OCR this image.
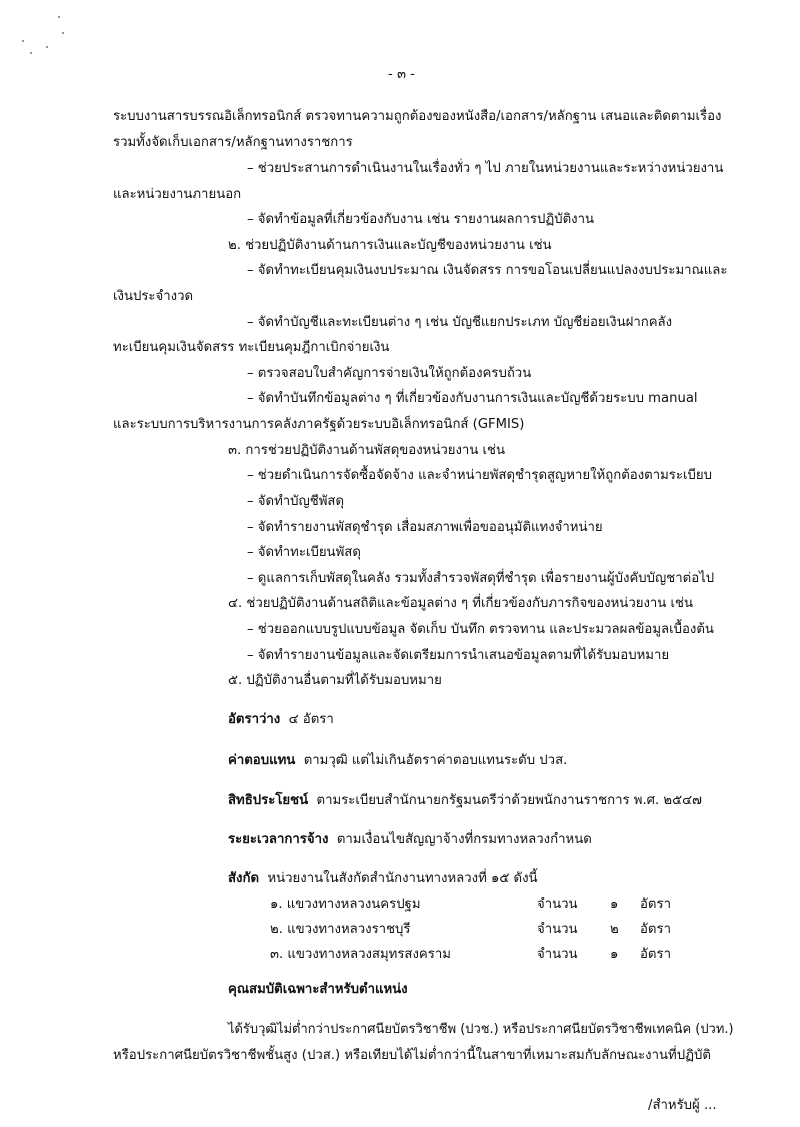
- ๓ -
ระบบงานสารบรรณอิเล็กทรอนิกส์ ตรวจทานความถูกต้องของหนังสือ/เอกสาร/หลักฐาน เสนอและติดตามเรื่อง
รวมทั้งจัดเก็บเอกสาร/หลักฐานทางราชการ
– ช่วยประสานการดำเนินงานในเรื่องทั่ว ๆ ไป ภายในหน่วยงานและระหว่างหน่วยงาน
และหน่วยงานภายนอก
– จัดทำข้อมูลที่เกี่ยวข้องกับงาน เช่น รายงานผลการปฏิบัติงาน
๒. ช่วยปฏิบัติงานด้านการเงินและบัญชีของหน่วยงาน เช่น
– จัดทำทะเบียนคุมเงินงบประมาณ เงินจัดสรร การขอโอนเปลี่ยนแปลงงบประมาณและ
เงินประจำงวด
– จัดทำบัญชีและทะเบียนต่าง ๆ เช่น บัญชีแยกประเภท บัญชีย่อยเงินฝากคลัง
ทะเบียนคุมเงินจัดสรร ทะเบียนคุมฎีกาเบิกจ่ายเงิน
– ตรวจสอบใบสำคัญการจ่ายเงินให้ถูกต้องครบถ้วน
– จัดทำบันทึกข้อมูลต่าง ๆ ที่เกี่ยวข้องกับงานการเงินและบัญชีด้วยระบบ manual
และระบบการบริหารงานการคลังภาครัฐด้วยระบบอิเล็กทรอนิกส์ (GFMIS)
๓. การช่วยปฏิบัติงานด้านพัสดุของหน่วยงาน เช่น
– ช่วยดำเนินการจัดซื้อจัดจ้าง และจำหน่ายพัสดุชำรุดสูญหายให้ถูกต้องตามระเบียบ
– จัดทำบัญชีพัสดุ
– จัดทำรายงานพัสดุชำรุด เสื่อมสภาพเพื่อขออนุมัติแทงจำหน่าย
– จัดทำทะเบียนพัสดุ
– ดูแลการเก็บพัสดุในคลัง รวมทั้งสำรวจพัสดุที่ชำรุด เพื่อรายงานผู้บังคับบัญชาต่อไป
๔. ช่วยปฏิบัติงานด้านสถิติและข้อมูลต่าง ๆ ที่เกี่ยวข้องกับภารกิจของหน่วยงาน เช่น
– ช่วยออกแบบรูปแบบข้อมูล จัดเก็บ บันทึก ตรวจทาน และประมวลผลข้อมูลเบื้องต้น
– จัดทำรายงานข้อมูลและจัดเตรียมการนำเสนอข้อมูลตามที่ได้รับมอบหมาย
๕. ปฏิบัติงานอื่นตามที่ได้รับมอบหมาย
อัตราว่าง ๔ อัตรา
ค่าตอบแทน ตามวุฒิ แต่ไม่เกินอัตราค่าตอบแทนระดับ ปวส.
สิทธิประโยชน์ ตามระเบียบสำนักนายกรัฐมนตรีว่าด้วยพนักงานราชการ พ.ศ. ๒๕๔๗
ระยะเวลาการจ้าง ตามเงื่อนไขสัญญาจ้างที่กรมทางหลวงกำหนด
สังกัด หน่วยงานในสังกัดสำนักงานทางหลวงที่ ๑๕ ดังนี้
๑. แขวงทางหลวงนครปฐม	จำนวน ๑ อัตรา
๒. แขวงทางหลวงราชบุรี	จำนวน ๒ อัตรา
๓. แขวงทางหลวงสมุทรสงคราม	จำนวน ๑ อัตรา
คุณสมบัติเฉพาะสำหรับตำแหน่ง
ได้รับวุฒิไม่ต่ำกว่าประกาศนียบัตรวิชาชีพ (ปวช.) หรือประกาศนียบัตรวิชาชีพเทคนิค (ปวท.)
หรือประกาศนียบัตรวิชาชีพชั้นสูง (ปวส.) หรือเทียบได้ไม่ต่ำกว่านี้ในสาขาที่เหมาะสมกับลักษณะงานที่ปฏิบัติ
/สำหรับผู้ ...
